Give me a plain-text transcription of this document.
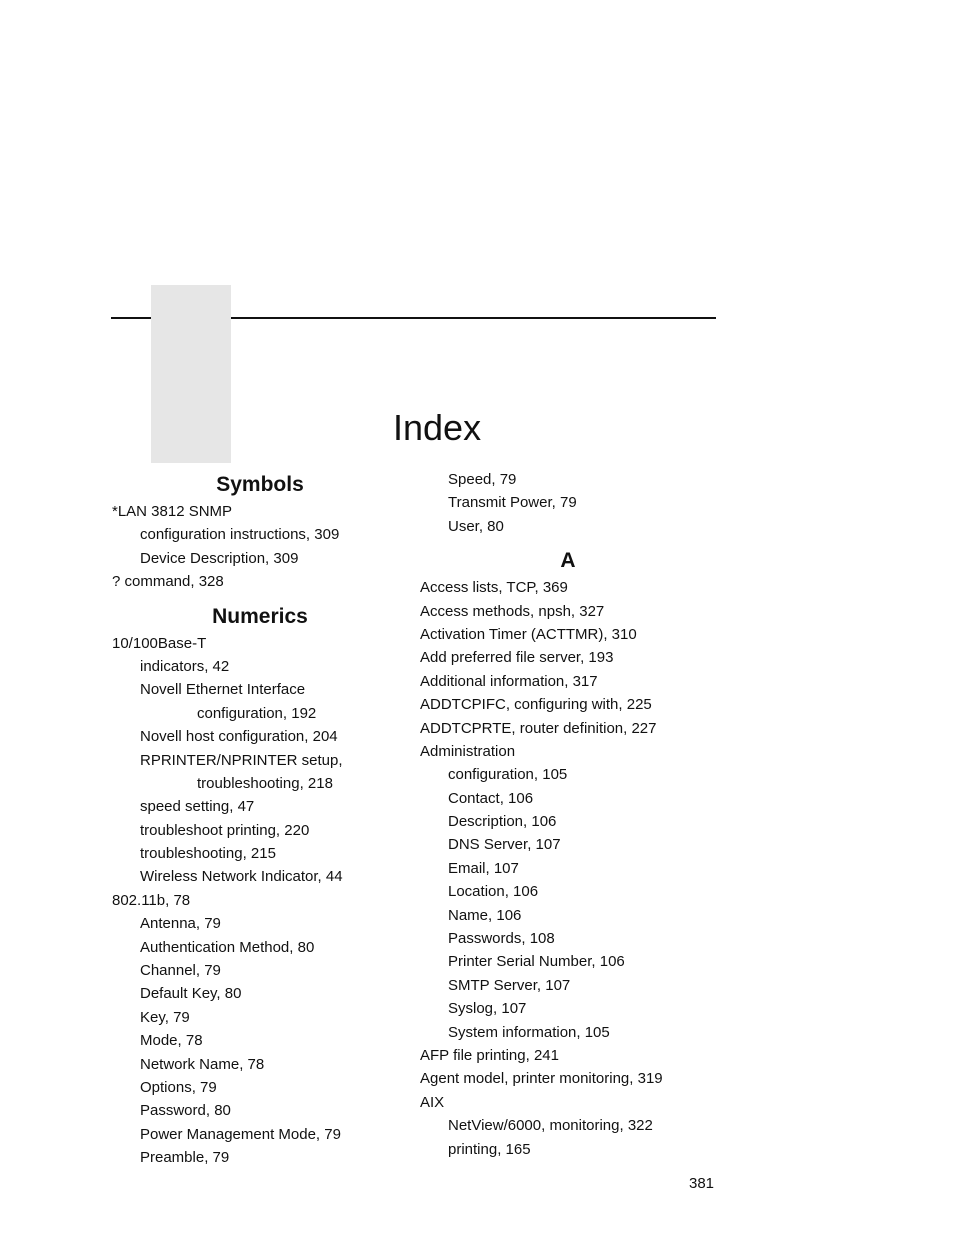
Index
Symbols
*LAN 3812 SNMP
configuration instructions, 309
Device Description, 309
? command, 328
Numerics
10/100Base-T
indicators, 42
Novell Ethernet Interface
configuration, 192
Novell host configuration, 204
RPRINTER/NPRINTER setup,
troubleshooting, 218
speed setting, 47
troubleshoot printing, 220
troubleshooting, 215
Wireless Network Indicator, 44
802.11b, 78
Antenna, 79
Authentication Method, 80
Channel, 79
Default Key, 80
Key, 79
Mode, 78
Network Name, 78
Options, 79
Password, 80
Power Management Mode, 79
Preamble, 79
Speed, 79
Transmit Power, 79
User, 80
A
Access lists, TCP, 369
Access methods, npsh, 327
Activation Timer (ACTTMR), 310
Add preferred file server, 193
Additional information, 317
ADDTCPIFC, configuring with, 225
ADDTCPRTE, router definition, 227
Administration
configuration, 105
Contact, 106
Description, 106
DNS Server, 107
Email, 107
Location, 106
Name, 106
Passwords, 108
Printer Serial Number, 106
SMTP Server, 107
Syslog, 107
System information, 105
AFP file printing, 241
Agent model, printer monitoring, 319
AIX
NetView/6000, monitoring, 322
printing, 165
381
